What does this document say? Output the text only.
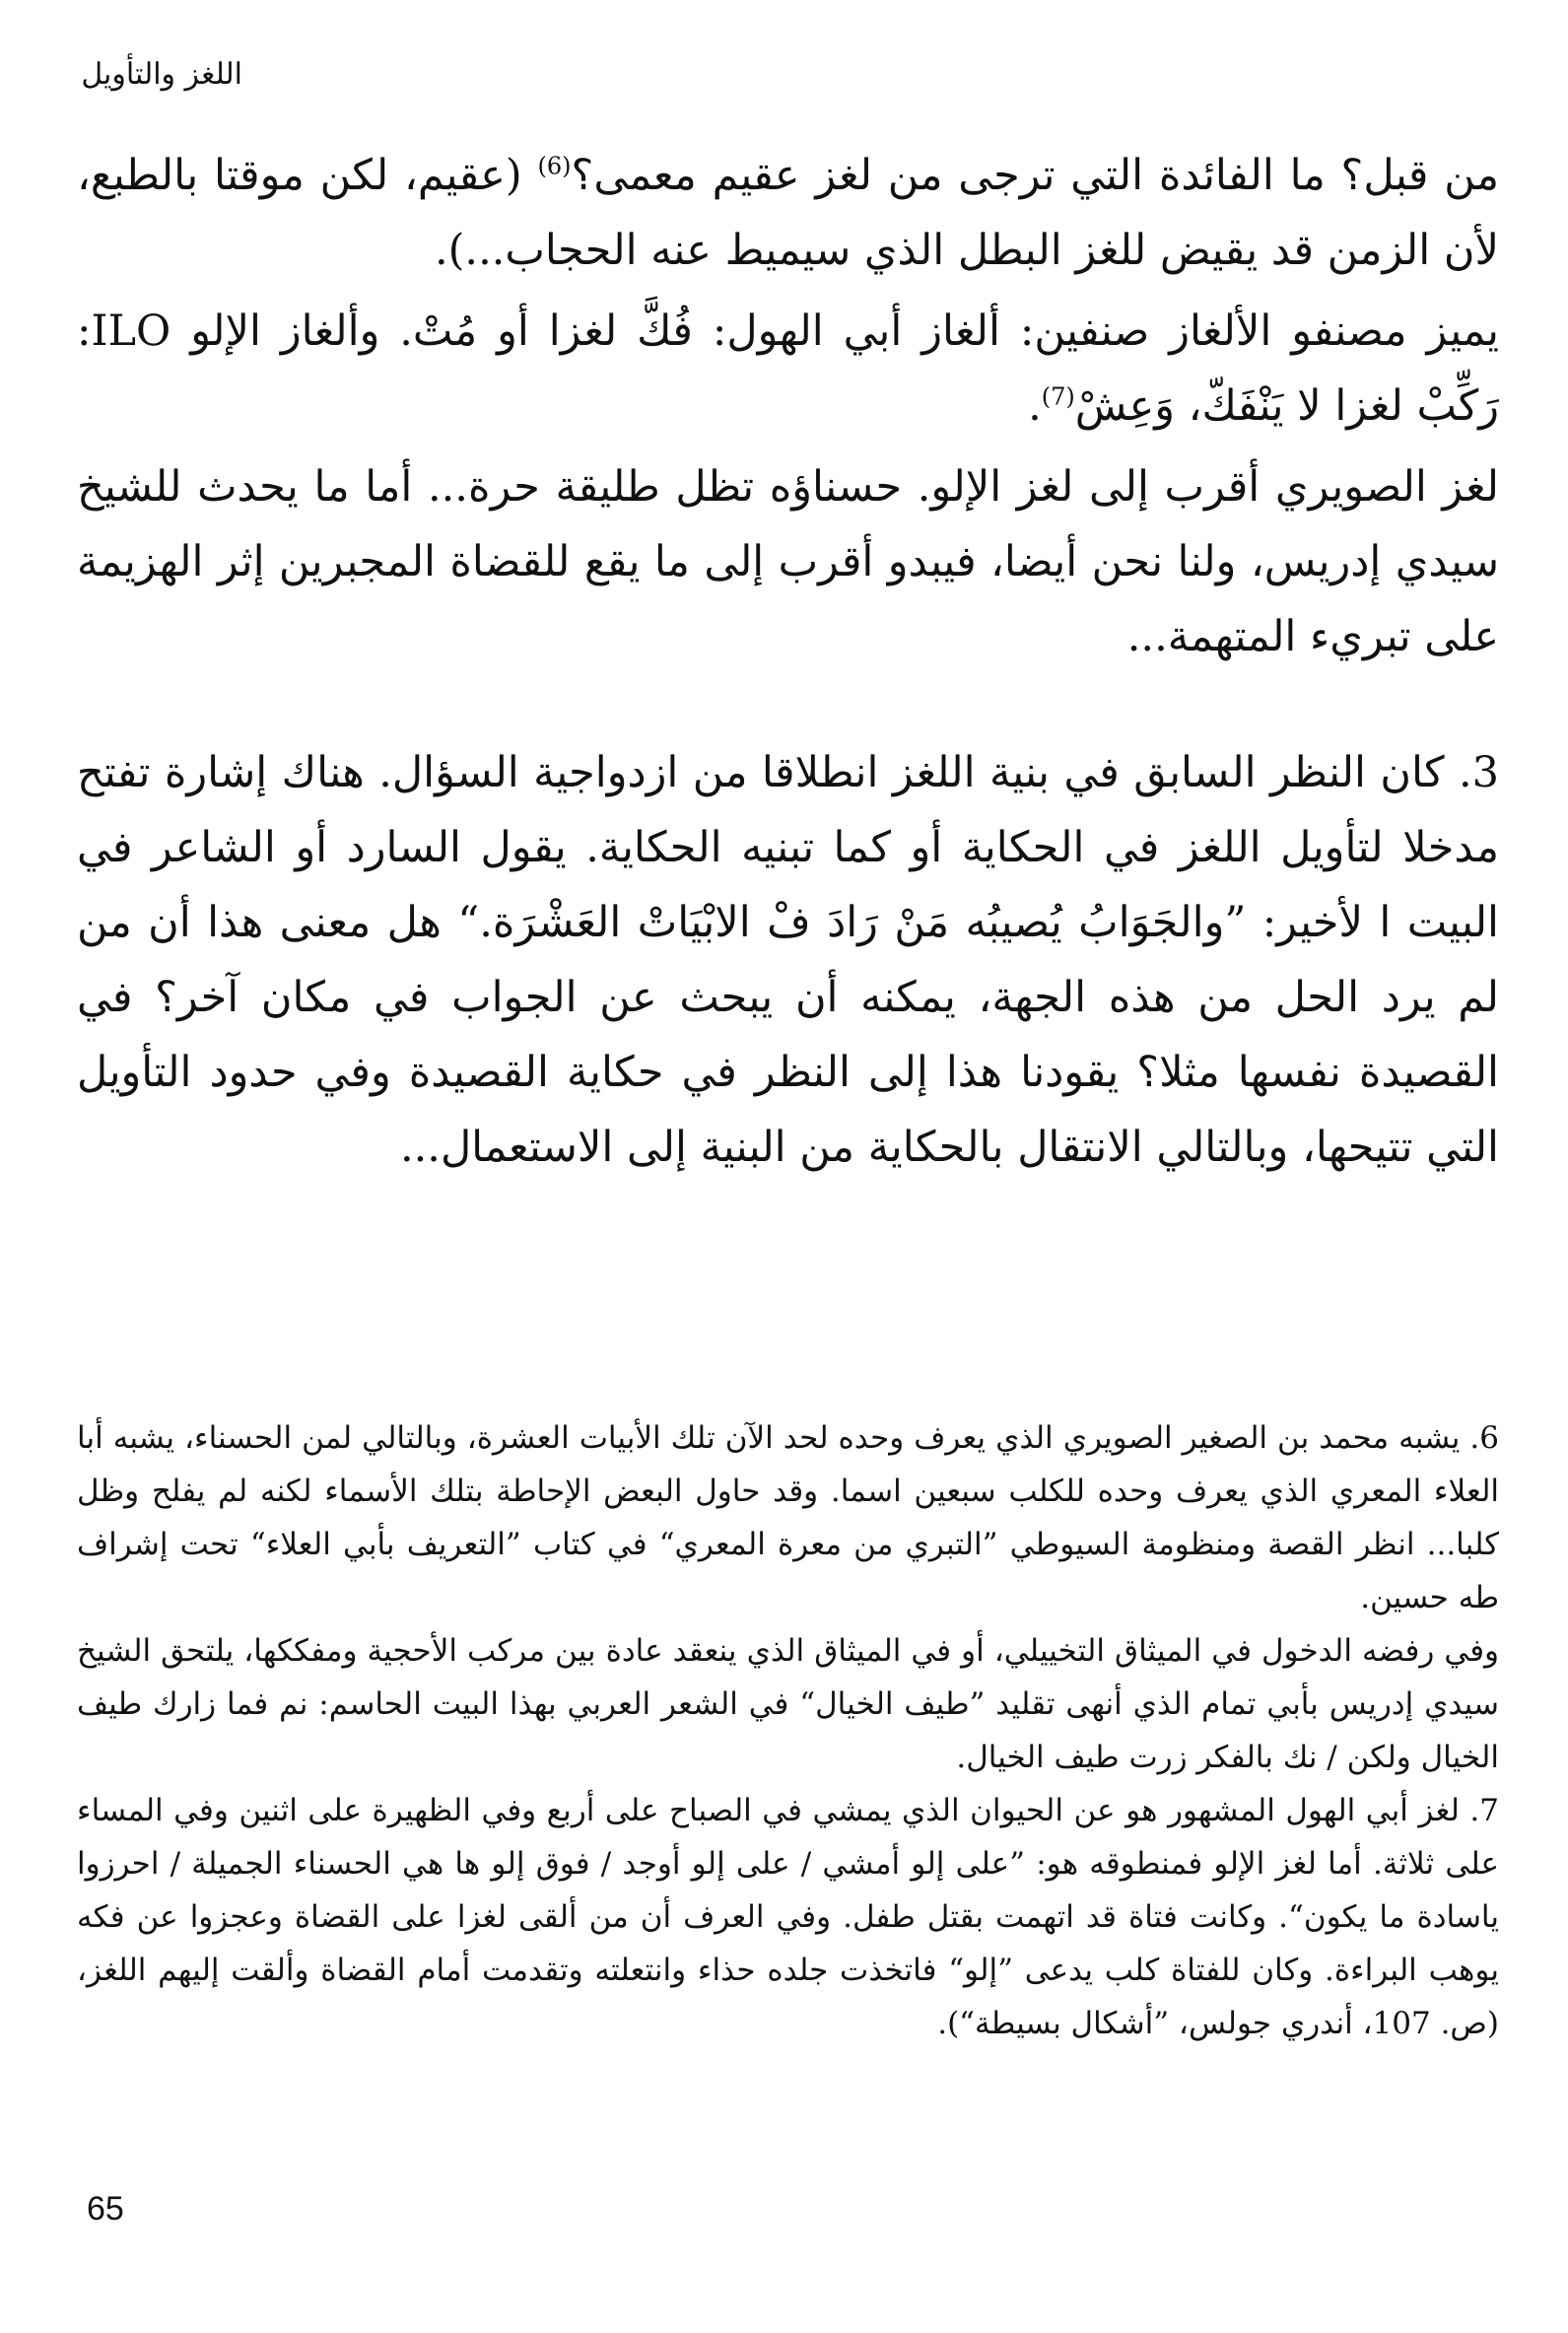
اللغز والتأويل

من قبل؟ ما الفائدة التي ترجى من لغز عقيم معمى؟$^{(6)}$ (عقيم، لكن موقتا بالطبع، لأن الزمن قد يقيض للغز البطل الذي سيميط عنه الحجاب...).

يميز مصنفو الألغاز صنفين: ألغاز أبي الهول: فُكَّ لغزا أو مُتْ. وألغاز الإلو ILO: رَكِّبْ لغزا لا يَنْفَكّ، وَعِشْ$^{(7)}$.

لغز الصويري أقرب إلى لغز الإلو. حسناؤه تظل طليقة حرة... أما ما يحدث للشيخ سيدي إدريس، ولنا نحن أيضا، فيبدو أقرب إلى ما يقع للقضاة المجبرين إثر الهزيمة على تبريء المتهمة...

3. كان النظر السابق في بنية اللغز انطلاقا من ازدواجية السؤال. هناك إشارة تفتح مدخلا لتأويل اللغز في الحكاية أو كما تبنيه الحكاية. يقول السارد أو الشاعر في البيت ا لأخير: ”والجَوَابُ يُصيبُه مَنْ رَادَ فْ الابْيَاتْ العَشْرَة.“ هل معنى هذا أن من لم يرد الحل من هذه الجهة، يمكنه أن يبحث عن الجواب في مكان آخر؟ في القصيدة نفسها مثلا؟ يقودنا هذا إلى النظر في حكاية القصيدة وفي حدود التأويل التي تتيحها، وبالتالي الانتقال بالحكاية من البنية إلى الاستعمال...

6. يشبه محمد بن الصغير الصويري الذي يعرف وحده لحد الآن تلك الأبيات العشرة، وبالتالي لمن الحسناء، يشبه أبا العلاء المعري الذي يعرف وحده للكلب سبعين اسما. وقد حاول البعض الإحاطة بتلك الأسماء لكنه لم يفلح وظل كلبا... انظر القصة ومنظومة السيوطي ”التبري من معرة المعري“ في كتاب ”التعريف بأبي العلاء“ تحت إشراف طه حسين.

وفي رفضه الدخول في الميثاق التخييلي، أو في الميثاق الذي ينعقد عادة بين مركب الأحجية ومفككها، يلتحق الشيخ سيدي إدريس بأبي تمام الذي أنهى تقليد ”طيف الخيال“ في الشعر العربي بهذا البيت الحاسم: نم فما زارك طيف الخيال ولكن / نك بالفكر زرت طيف الخيال.

7. لغز أبي الهول المشهور هو عن الحيوان الذي يمشي في الصباح على أربع وفي الظهيرة على اثنين وفي المساء على ثلاثة. أما لغز الإلو فمنطوقه هو: ”على إلو أمشي / على إلو أوجد / فوق إلو ها هي الحسناء الجميلة / احرزوا ياسادة ما يكون“. وكانت فتاة قد اتهمت بقتل طفل. وفي العرف أن من ألقى لغزا على القضاة وعجزوا عن فكه يوهب البراءة. وكان للفتاة كلب يدعى ”إلو“ فاتخذت جلده حذاء وانتعلته وتقدمت أمام القضاة وألقت إليهم اللغز، (ص. 107، أندري جولس، ”أشكال بسيطة“).

65
